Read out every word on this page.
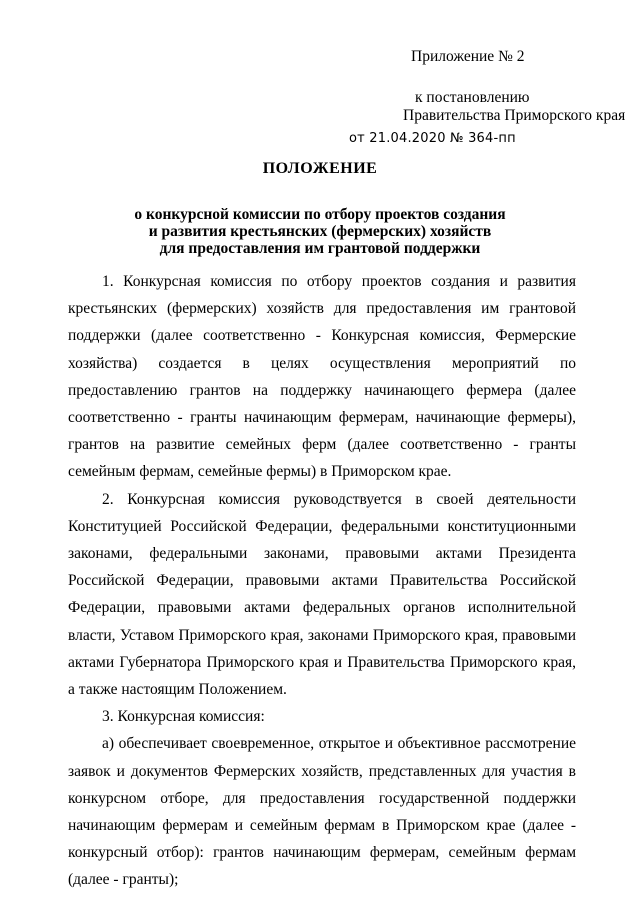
Приложение № 2
к постановлению
Правительства Приморского края
от 21.04.2020 № 364-пп
ПОЛОЖЕНИЕ
о конкурсной комиссии по отбору проектов создания
и развития крестьянских (фермерских) хозяйств
для предоставления им грантовой поддержки

1. Конкурсная комиссия по отбору проектов создания и развития крестьянских (фермерских) хозяйств для предоставления им грантовой поддержки (далее соответственно - Конкурсная комиссия, Фермерские хозяйства) создается в целях осуществления мероприятий по предоставлению грантов на поддержку начинающего фермера (далее соответственно - гранты начинающим фермерам, начинающие фермеры), грантов на развитие семейных ферм (далее соответственно - гранты семейным фермам, семейные фермы) в Приморском крае.

2. Конкурсная комиссия руководствуется в своей деятельности Конституцией Российской Федерации, федеральными конституционными законами, федеральными законами, правовыми актами Президента Российской Федерации, правовыми актами Правительства Российской Федерации, правовыми актами федеральных органов исполнительной власти, Уставом Приморского края, законами Приморского края, правовыми актами Губернатора Приморского края и Правительства Приморского края, а также настоящим Положением.

3. Конкурсная комиссия:

а) обеспечивает своевременное, открытое и объективное рассмотрение заявок и документов Фермерских хозяйств, представленных для участия в конкурсном отборе, для предоставления государственной поддержки начинающим фермерам и семейным фермам в Приморском крае (далее - конкурсный отбор): грантов начинающим фермерам, семейным фермам (далее - гранты);
